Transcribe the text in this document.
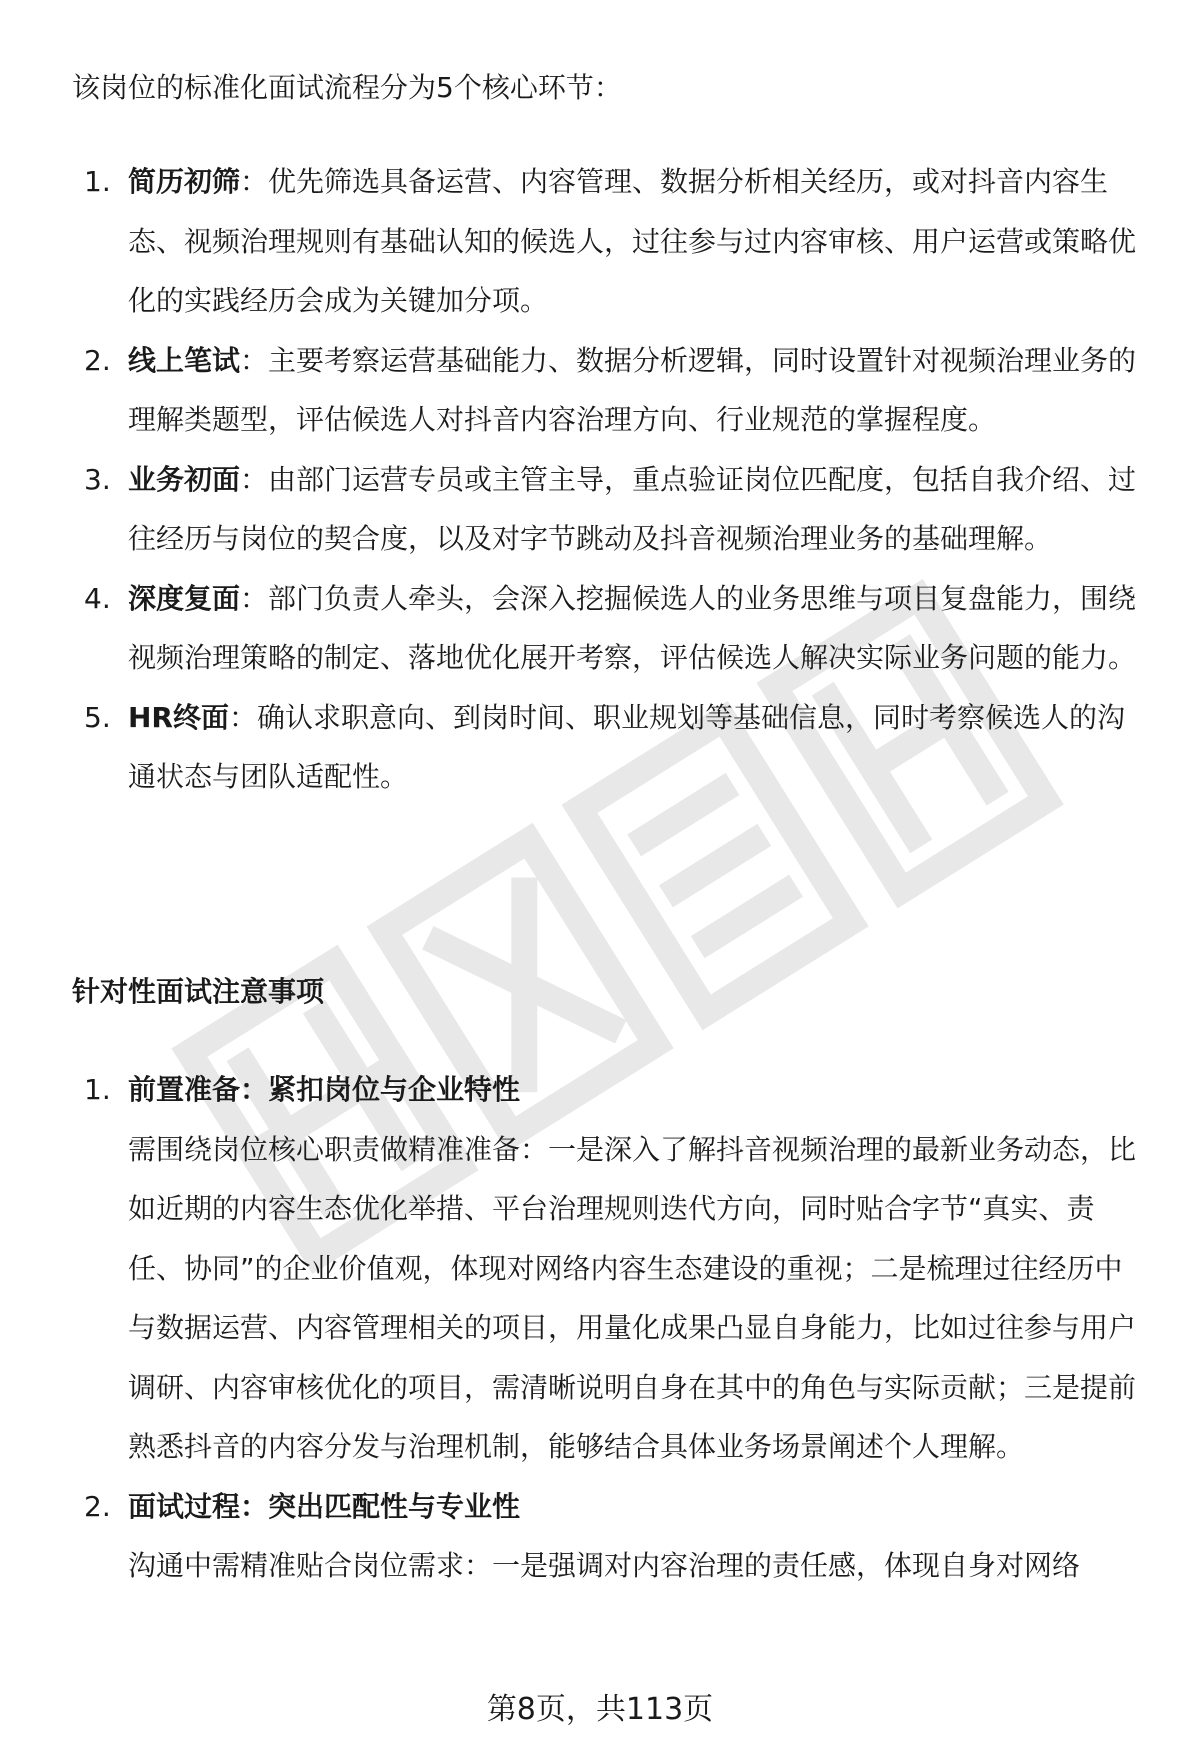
该岗位的标准化面试流程分为5个核心环节：

1. 简历初筛：优先筛选具备运营、内容管理、数据分析相关经历，或对抖音内容生态、视频治理规则有基础认知的候选人，过往参与过内容审核、用户运营或策略优化的实践经历会成为关键加分项。
2. 线上笔试：主要考察运营基础能力、数据分析逻辑，同时设置针对视频治理业务的理解类题型，评估候选人对抖音内容治理方向、行业规范的掌握程度。
3. 业务初面：由部门运营专员或主管主导，重点验证岗位匹配度，包括自我介绍、过往经历与岗位的契合度，以及对字节跳动及抖音视频治理业务的基础理解。
4. 深度复面：部门负责人牵头，会深入挖掘候选人的业务思维与项目复盘能力，围绕视频治理策略的制定、落地优化展开考察，评估候选人解决实际业务问题的能力。
5. HR终面：确认求职意向、到岗时间、职业规划等基础信息，同时考察候选人的沟通状态与团队适配性。
针对性面试注意事项
1. 前置准备：紧扣岗位与企业特性
需围绕岗位核心职责做精准准备：一是深入了解抖音视频治理的最新业务动态，比如近期的内容生态优化举措、平台治理规则迭代方向，同时贴合字节“真实、责任、协同”的企业价值观，体现对网络内容生态建设的重视；二是梳理过往经历中与数据运营、内容管理相关的项目，用量化成果凸显自身能力，比如过往参与用户调研、内容审核优化的项目，需清晰说明自身在其中的角色与实际贡献；三是提前熟悉抖音的内容分发与治理机制，能够结合具体业务场景阐述个人理解。
2. 面试过程：突出匹配性与专业性
沟通中需精准贴合岗位需求：一是强调对内容治理的责任感，体现自身对网络
第8页，共113页
